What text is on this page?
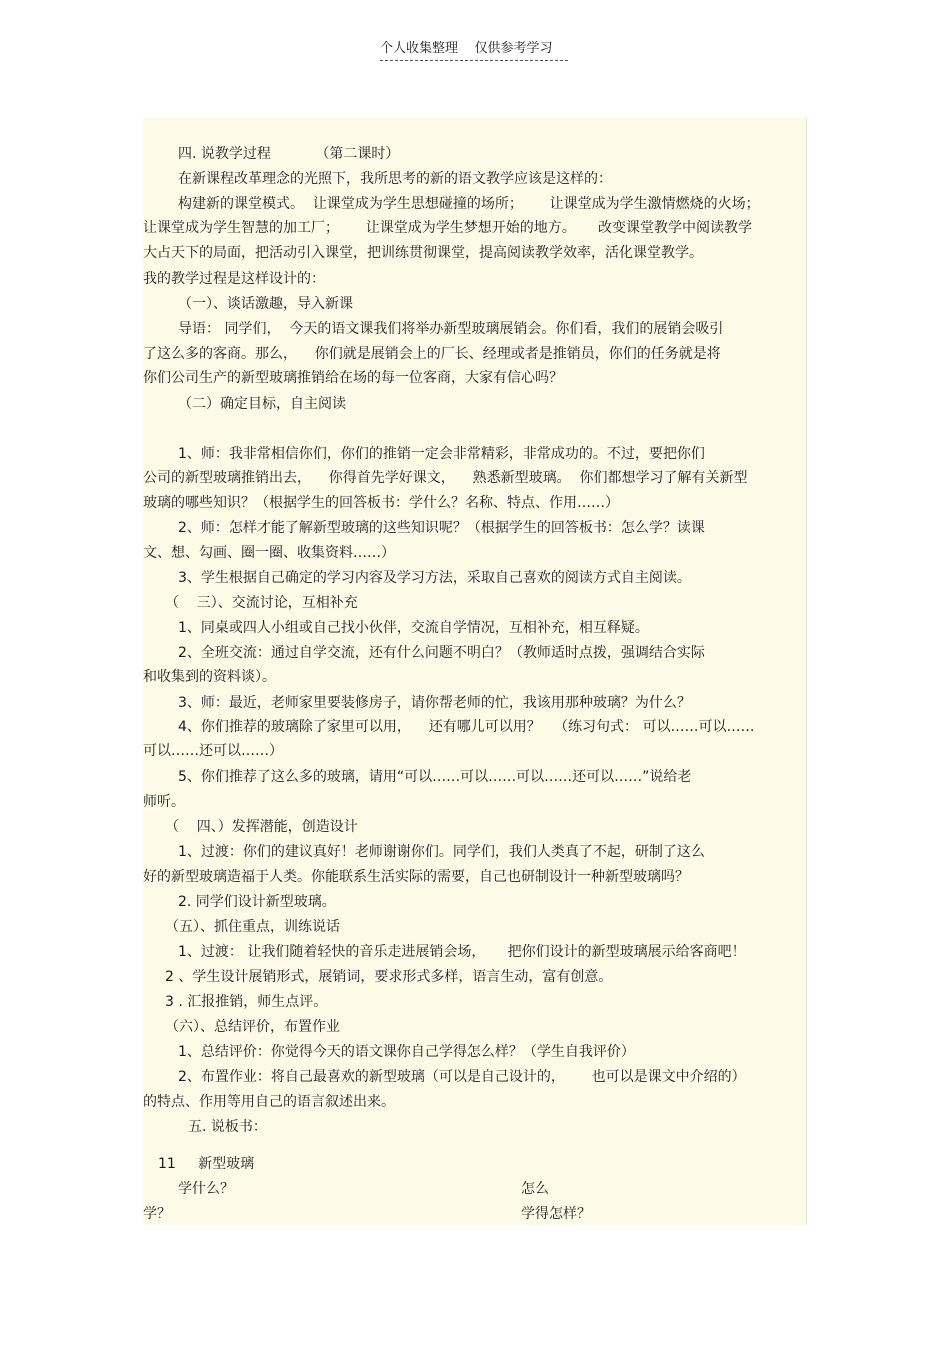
个人收集整理    仅供参考学习
四. 说教学过程          （第二课时）
在新课程改革理念的光照下，我所思考的新的语文教学应该是这样的：
构建新的课堂模式。  让课堂成为学生思想碰撞的场所；      让课堂成为学生激情燃烧的火场；
让课堂成为学生智慧的加工厂；      让课堂成为学生梦想开始的地方。     改变课堂教学中阅读教学
大占天下的局面，把活动引入课堂，把训练贯彻课堂，提高阅读教学效率，活化课堂教学。
我的教学过程是这样设计的：
（一）、谈话激趣，导入新课
导语： 同学们，  今天的语文课我们将举办新型玻璃展销会。你们看，我们的展销会吸引
了这么多的客商。那么，    你们就是展销会上的厂长、经理或者是推销员，你们的任务就是将
你们公司生产的新型玻璃推销给在场的每一位客商，大家有信心吗？
（二）确定目标，自主阅读
1、师：我非常相信你们，你们的推销一定会非常精彩，非常成功的。不过，要把你们
公司的新型玻璃推销出去，    你得首先学好课文，    熟悉新型玻璃。  你们都想学习了解有关新型
玻璃的哪些知识？（根据学生的回答板书：学什么？名称、特点、作用……）
2、师：怎样才能了解新型玻璃的这些知识呢？（根据学生的回答板书：怎么学？读课
文、想、勾画、圈一圈、收集资料……）
3、学生根据自己确定的学习内容及学习方法，采取自己喜欢的阅读方式自主阅读。
（    三）、交流讨论，互相补充
1、同桌或四人小组或自己找小伙伴，交流自学情况，互相补充，相互释疑。
2、全班交流：通过自学交流，还有什么问题不明白？（教师适时点拨，强调结合实际
和收集到的资料谈）。
3、师：最近，老师家里要装修房子，请你帮老师的忙，我该用那种玻璃？为什么？
4、你们推荐的玻璃除了家里可以用，    还有哪儿可以用？   （练习句式： 可以……可以……
可以……还可以……）
5、你们推荐了这么多的玻璃，请用“可以……可以……可以……还可以……”说给老
师听。
（    四、）发挥潜能，创造设计
1、过渡：你们的建议真好！老师谢谢你们。同学们，我们人类真了不起，研制了这么
好的新型玻璃造福于人类。你能联系生活实际的需要，自己也研制设计一种新型玻璃吗？
2. 同学们设计新型玻璃。
（五）、抓住重点，训练说话
1、过渡： 让我们随着轻快的音乐走进展销会场，     把你们设计的新型玻璃展示给客商吧！
2 、学生设计展销形式，展销词，要求形式多样，语言生动，富有创意。
3 . 汇报推销，师生点评。
（六）、总结评价，布置作业
1、总结评价：你觉得今天的语文课你自己学得怎么样？（学生自我评价）
2、布置作业：将自己最喜欢的新型玻璃（可以是自己设计的，      也可以是课文中介绍的）
的特点、作用等用自己的语言叙述出来。
五. 说板书：
11     新型玻璃
学什么？	怎么
学？	学得怎样？
